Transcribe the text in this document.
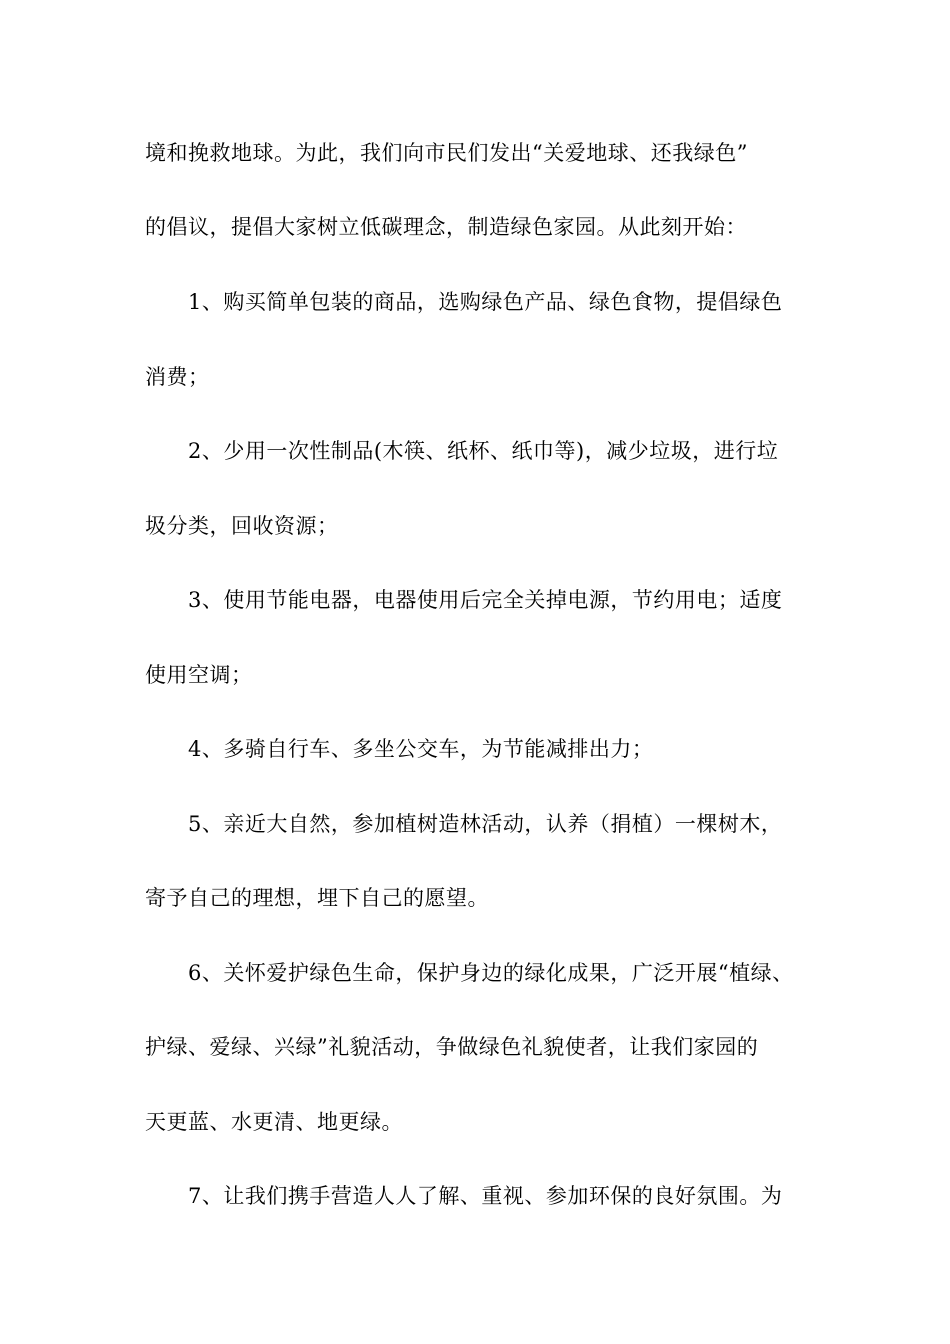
境和挽救地球。为此，我们向市民们发出“关爱地球、还我绿色”
的倡议，提倡大家树立低碳理念，制造绿色家园。从此刻开始：
1、购买简单包装的商品，选购绿色产品、绿色食物，提倡绿色
消费；
2、少用一次性制品(木筷、纸杯、纸巾等)，减少垃圾，进行垃
圾分类，回收资源；
3、使用节能电器，电器使用后完全关掉电源，节约用电；适度
使用空调；
4、多骑自行车、多坐公交车，为节能减排出力；
5、亲近大自然，参加植树造林活动，认养（捐植）一棵树木，
寄予自己的理想，埋下自己的愿望。
6、关怀爱护绿色生命，保护身边的绿化成果，广泛开展“植绿、
护绿、爱绿、兴绿”礼貌活动，争做绿色礼貌使者，让我们家园的
天更蓝、水更清、地更绿。
7、让我们携手营造人人了解、重视、参加环保的良好氛围。为
